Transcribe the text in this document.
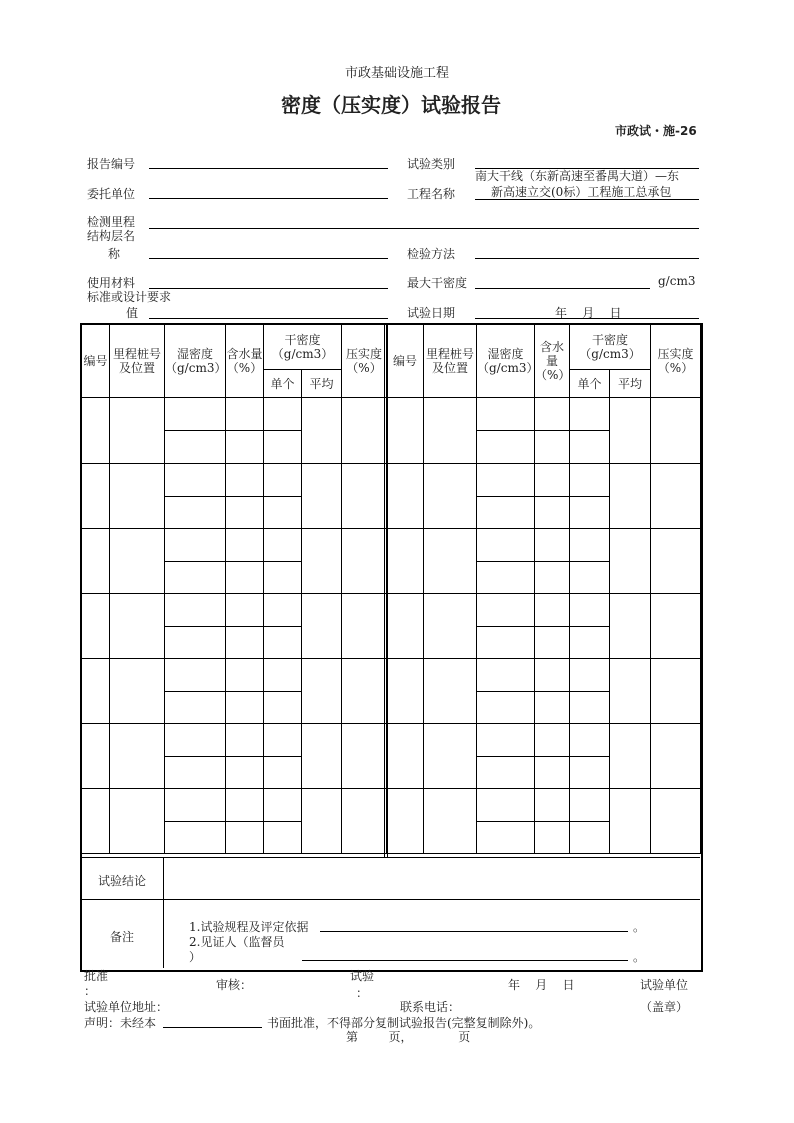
市政基础设施工程
密度（压实度）试验报告
市政试・施-26
报告编号	试验类别
委托单位	工程名称
南大干线（东新高速至番禺大道）—东
新高速立交(0标）工程施工总承包
检测里程
结构层名
称	检验方法
使用材料	最大干密度	g/cm3
标准或设计要求
值	试验日期	年    月    日
编号	里程桩号及位置	湿密度（g/cm3）	含水量（%）	干密度（g/cm3）		压实度（%）	编号	里程桩号及位置	湿密度（g/cm3）	含水量（%）	干密度（g/cm3）		压实度（%）
				单个	平均						单个	平均	

试验结论
备注
1.试验规程及评定依据	。
2.见证人（监督员
）	。
批准
：	审核：
试验
：
年    月    日	试验单位
试验单位地址：	联系电话：	（盖章）
声明：未经本	书面批准，不得部分复制试验报告(完整复制除外)。
第        页，            页
